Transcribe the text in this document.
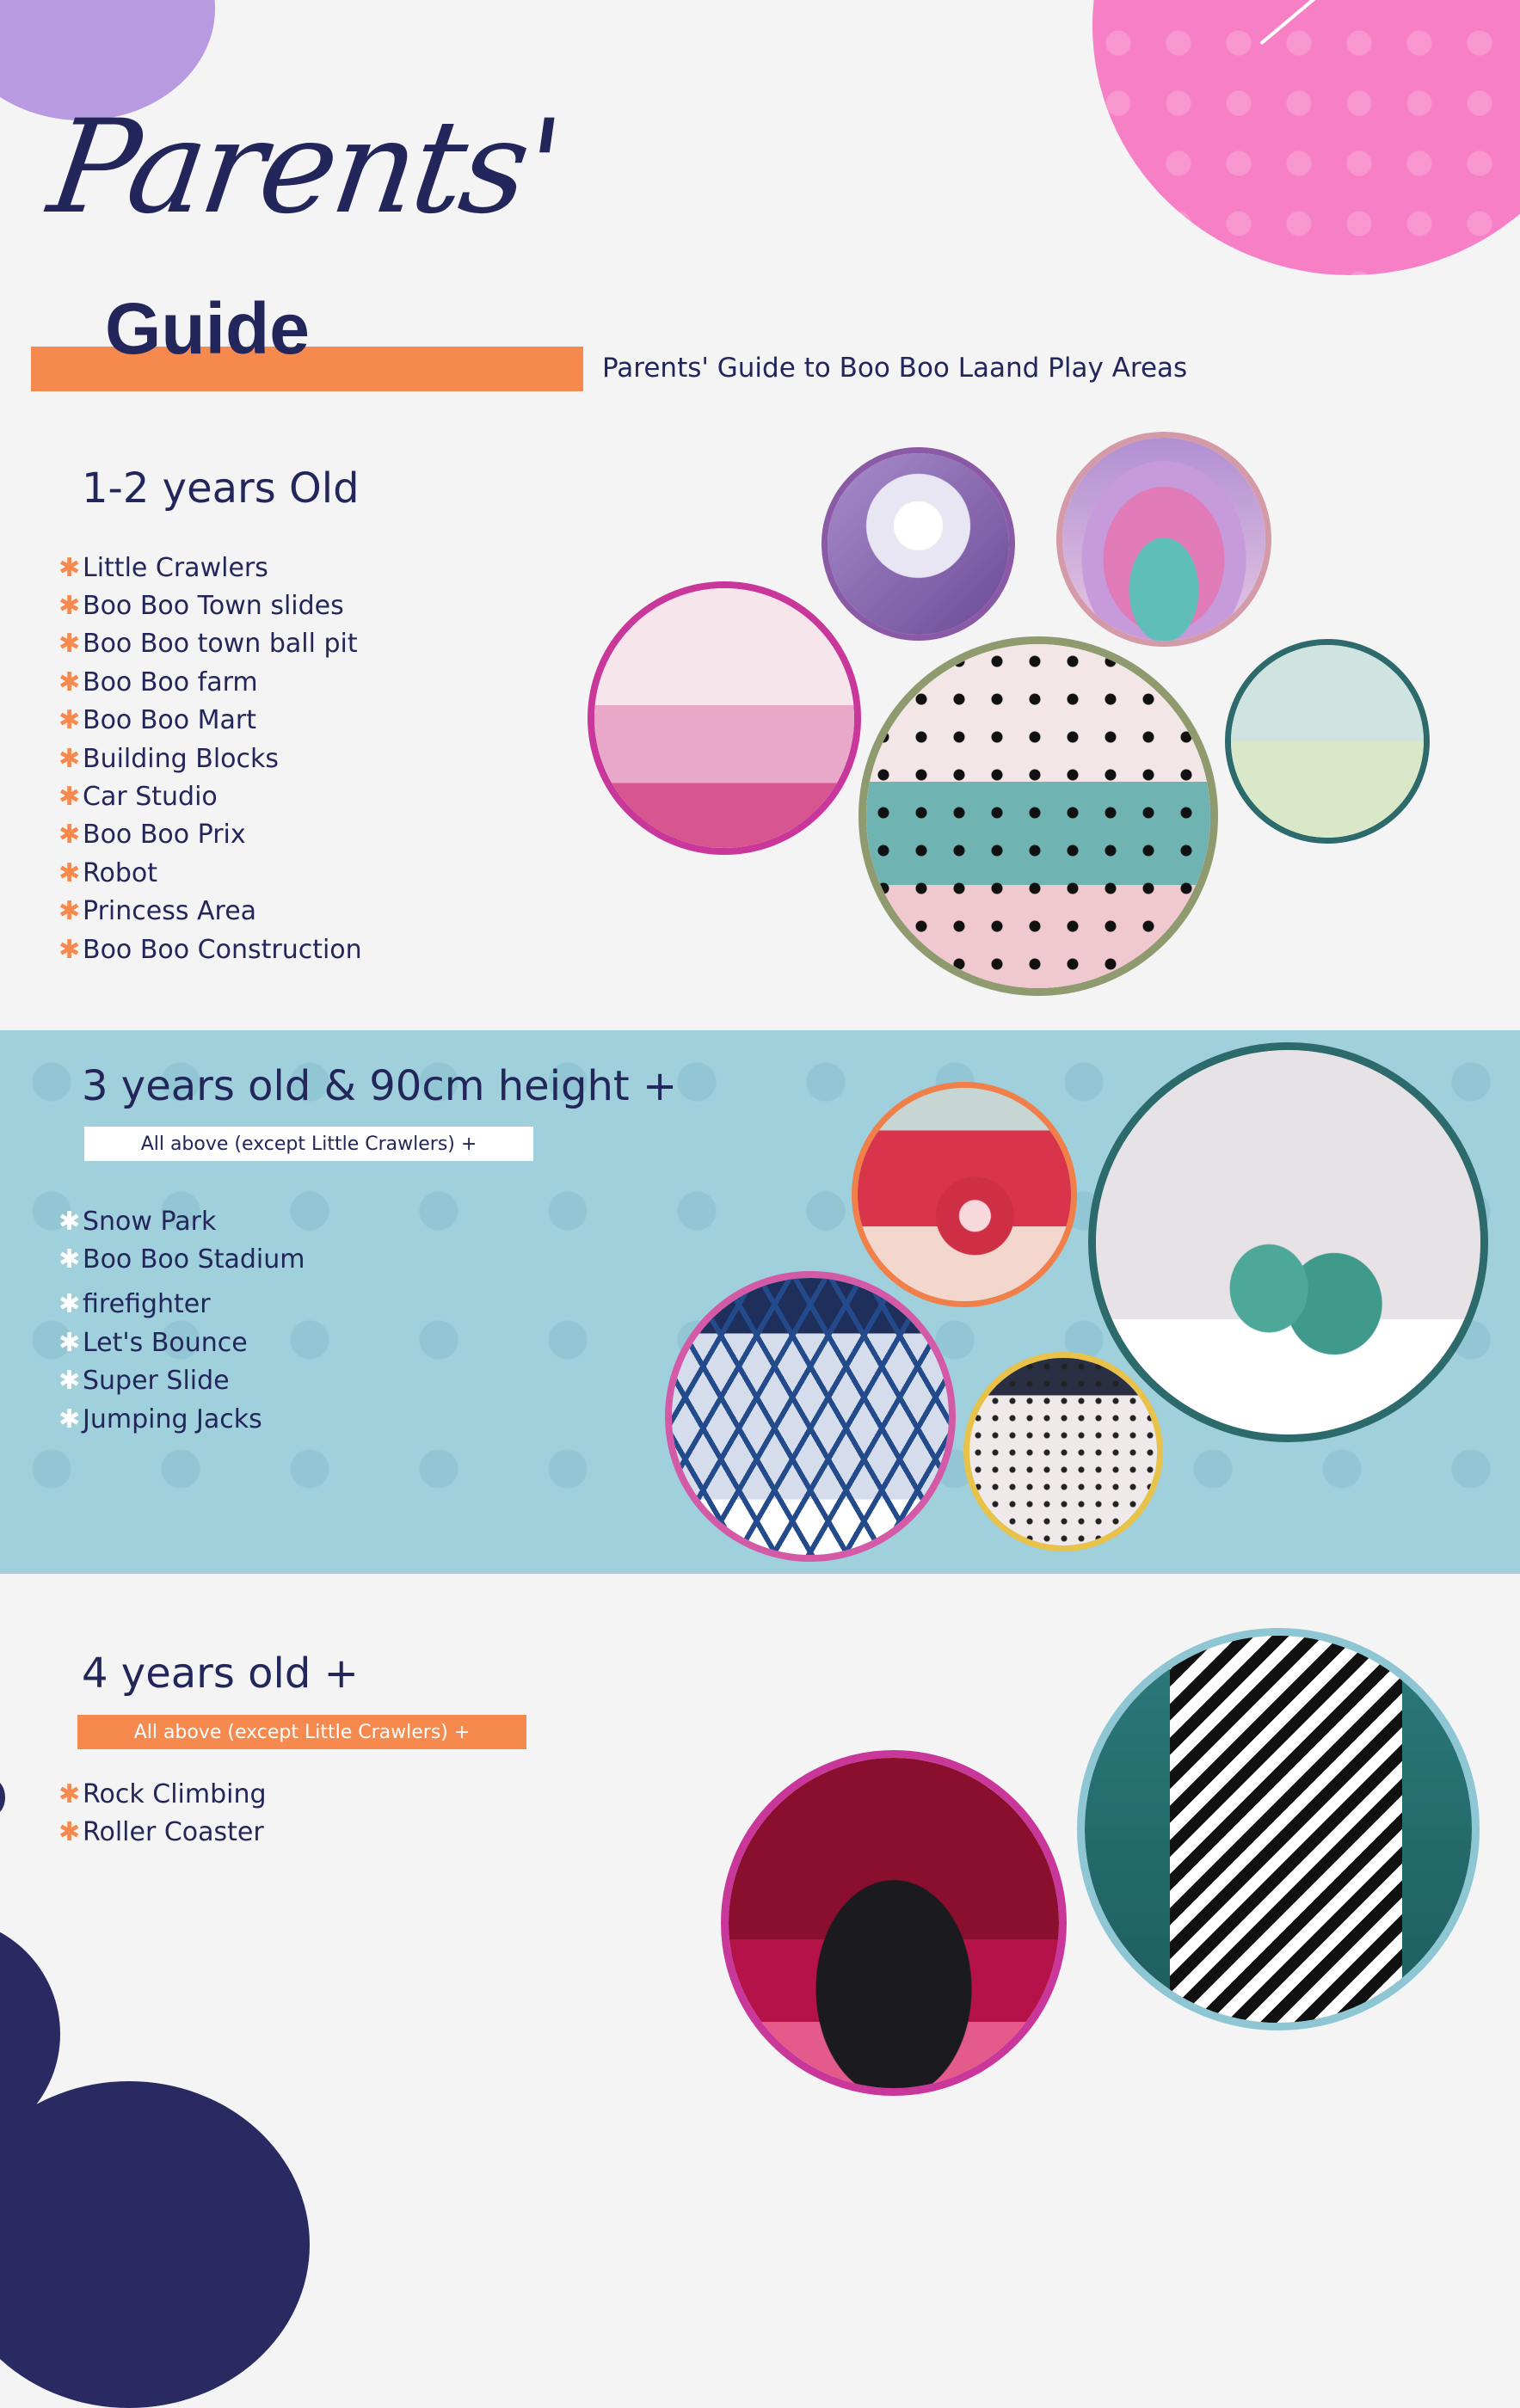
Parents'
Guide	Parents' Guide to Boo Boo Laand Play Areas
1-2 years Old
✱ Little Crawlers
✱ Boo Boo Town slides
✱ Boo Boo town ball pit
✱ Boo Boo farm
✱ Boo Boo Mart
✱ Building Blocks
✱ Car Studio
✱ Boo Boo Prix
✱ Robot
✱ Princess Area
✱ Boo Boo Construction
3 years old & 90cm height +
All above (except Little Crawlers) +
✱ Snow Park
✱ Boo Boo Stadium
✱ firefighter
✱ Let's Bounce
✱ Super Slide
✱ Jumping Jacks
4 years old +
All above (except Little Crawlers) +
✱ Rock Climbing
✱ Roller Coaster
